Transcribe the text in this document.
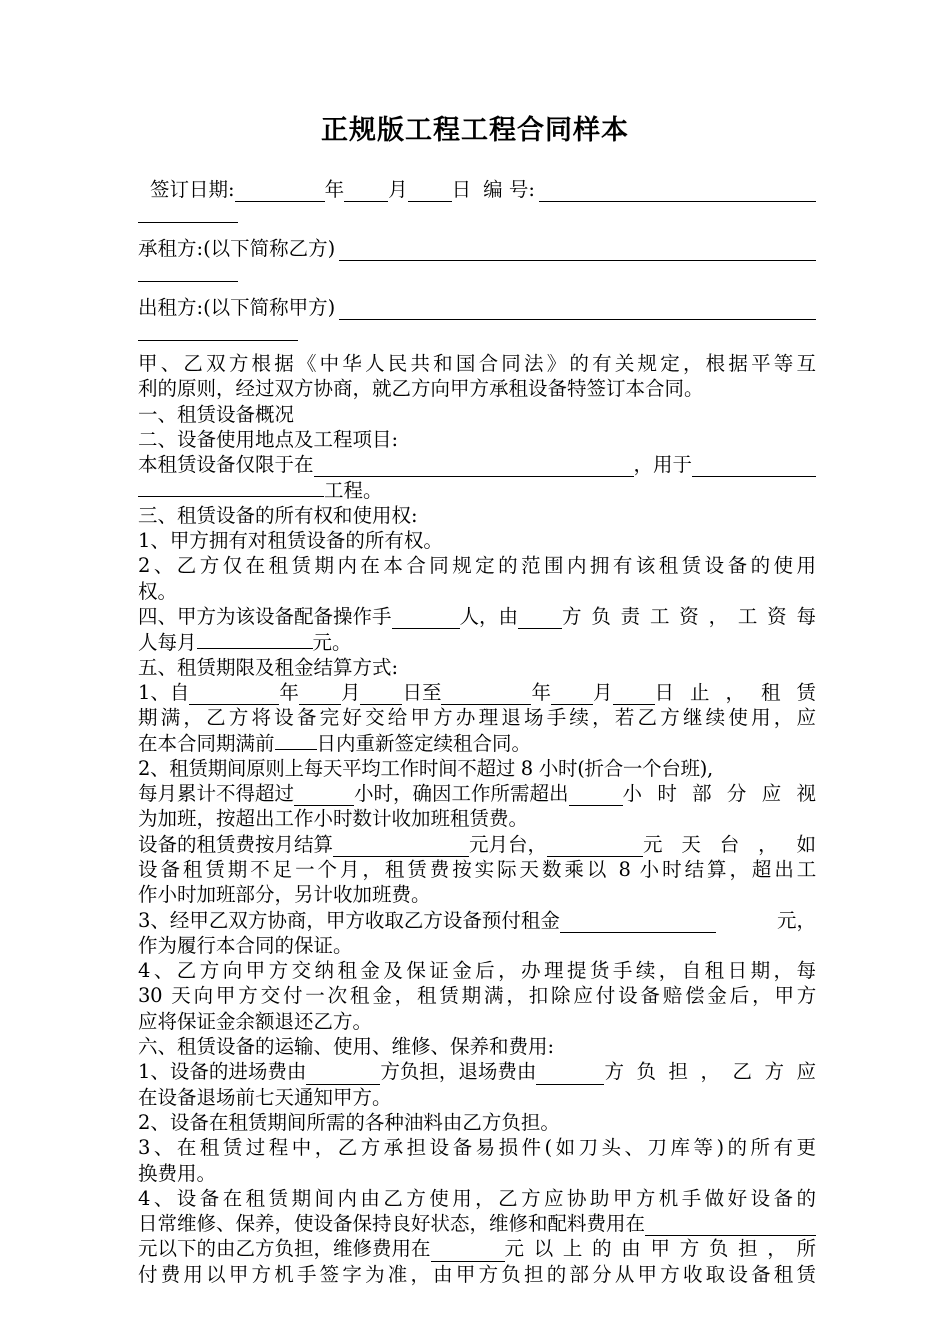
正规版工程工程合同样本
签订日期:	年 月 日 编 号:
承租方:(以下简称乙方)
出租方:(以下简称甲方)
甲、乙双方根据《中华人民共和国合同法》的有关规定，根据平等互
利的原则，经过双方协商，就乙方向甲方承租设备特签订本合同。
一、租赁设备概况
二、设备使用地点及工程项目:
本租赁设备仅限于在	，用于
工程。
三、租赁设备的所有权和使用权:
1、甲方拥有对租赁设备的所有权。
2、乙方仅在租赁期内在本合同规定的范围内拥有该租赁设备的使用
权。
四、甲方为该设备配备操作手	人，由 方负责工资，工资每
人每月	元。
五、租赁期限及租金结算方式:
1、自	年 月 日至	年 月 日止，租赁
期满，乙方将设备完好交给甲方办理退场手续，若乙方继续使用，应
在本合同期满前 日内重新签定续租合同。
2、租赁期间原则上每天平均工作时间不超过 8 小时(折合一个台班),
每月累计不得超过	小时，确因工作所需超出	小时部分应视
为加班，按超出工作小时数计收加班租赁费。
设备的租赁费按月结算	元月台，	元天台，如
设备租赁期不足一个月，租赁费按实际天数乘以 8 小时结算，超出工
作小时加班部分，另计收加班费。
3、经甲乙双方协商，甲方收取乙方设备预付租金	元，
作为履行本合同的保证。
4、乙方向甲方交纳租金及保证金后，办理提货手续，自租日期，每
30 天向甲方交付一次租金，租赁期满，扣除应付设备赔偿金后，甲方
应将保证金余额退还乙方。
六、租赁设备的运输、使用、维修、保养和费用:
1、设备的进场费由	方负担，退场费由	方负担，乙方应
在设备退场前七天通知甲方。
2、设备在租赁期间所需的各种油料由乙方负担。
3、在租赁过程中，乙方承担设备易损件(如刀头、刀库等)的所有更
换费用。
4、设备在租赁期间内由乙方使用，乙方应协助甲方机手做好设备的
日常维修、保养，使设备保持良好状态，维修和配料费用在
元以下的由乙方负担，维修费用在	元以上的由甲方负担，所
付费用以甲方机手签字为准，由甲方负担的部分从甲方收取设备租赁
